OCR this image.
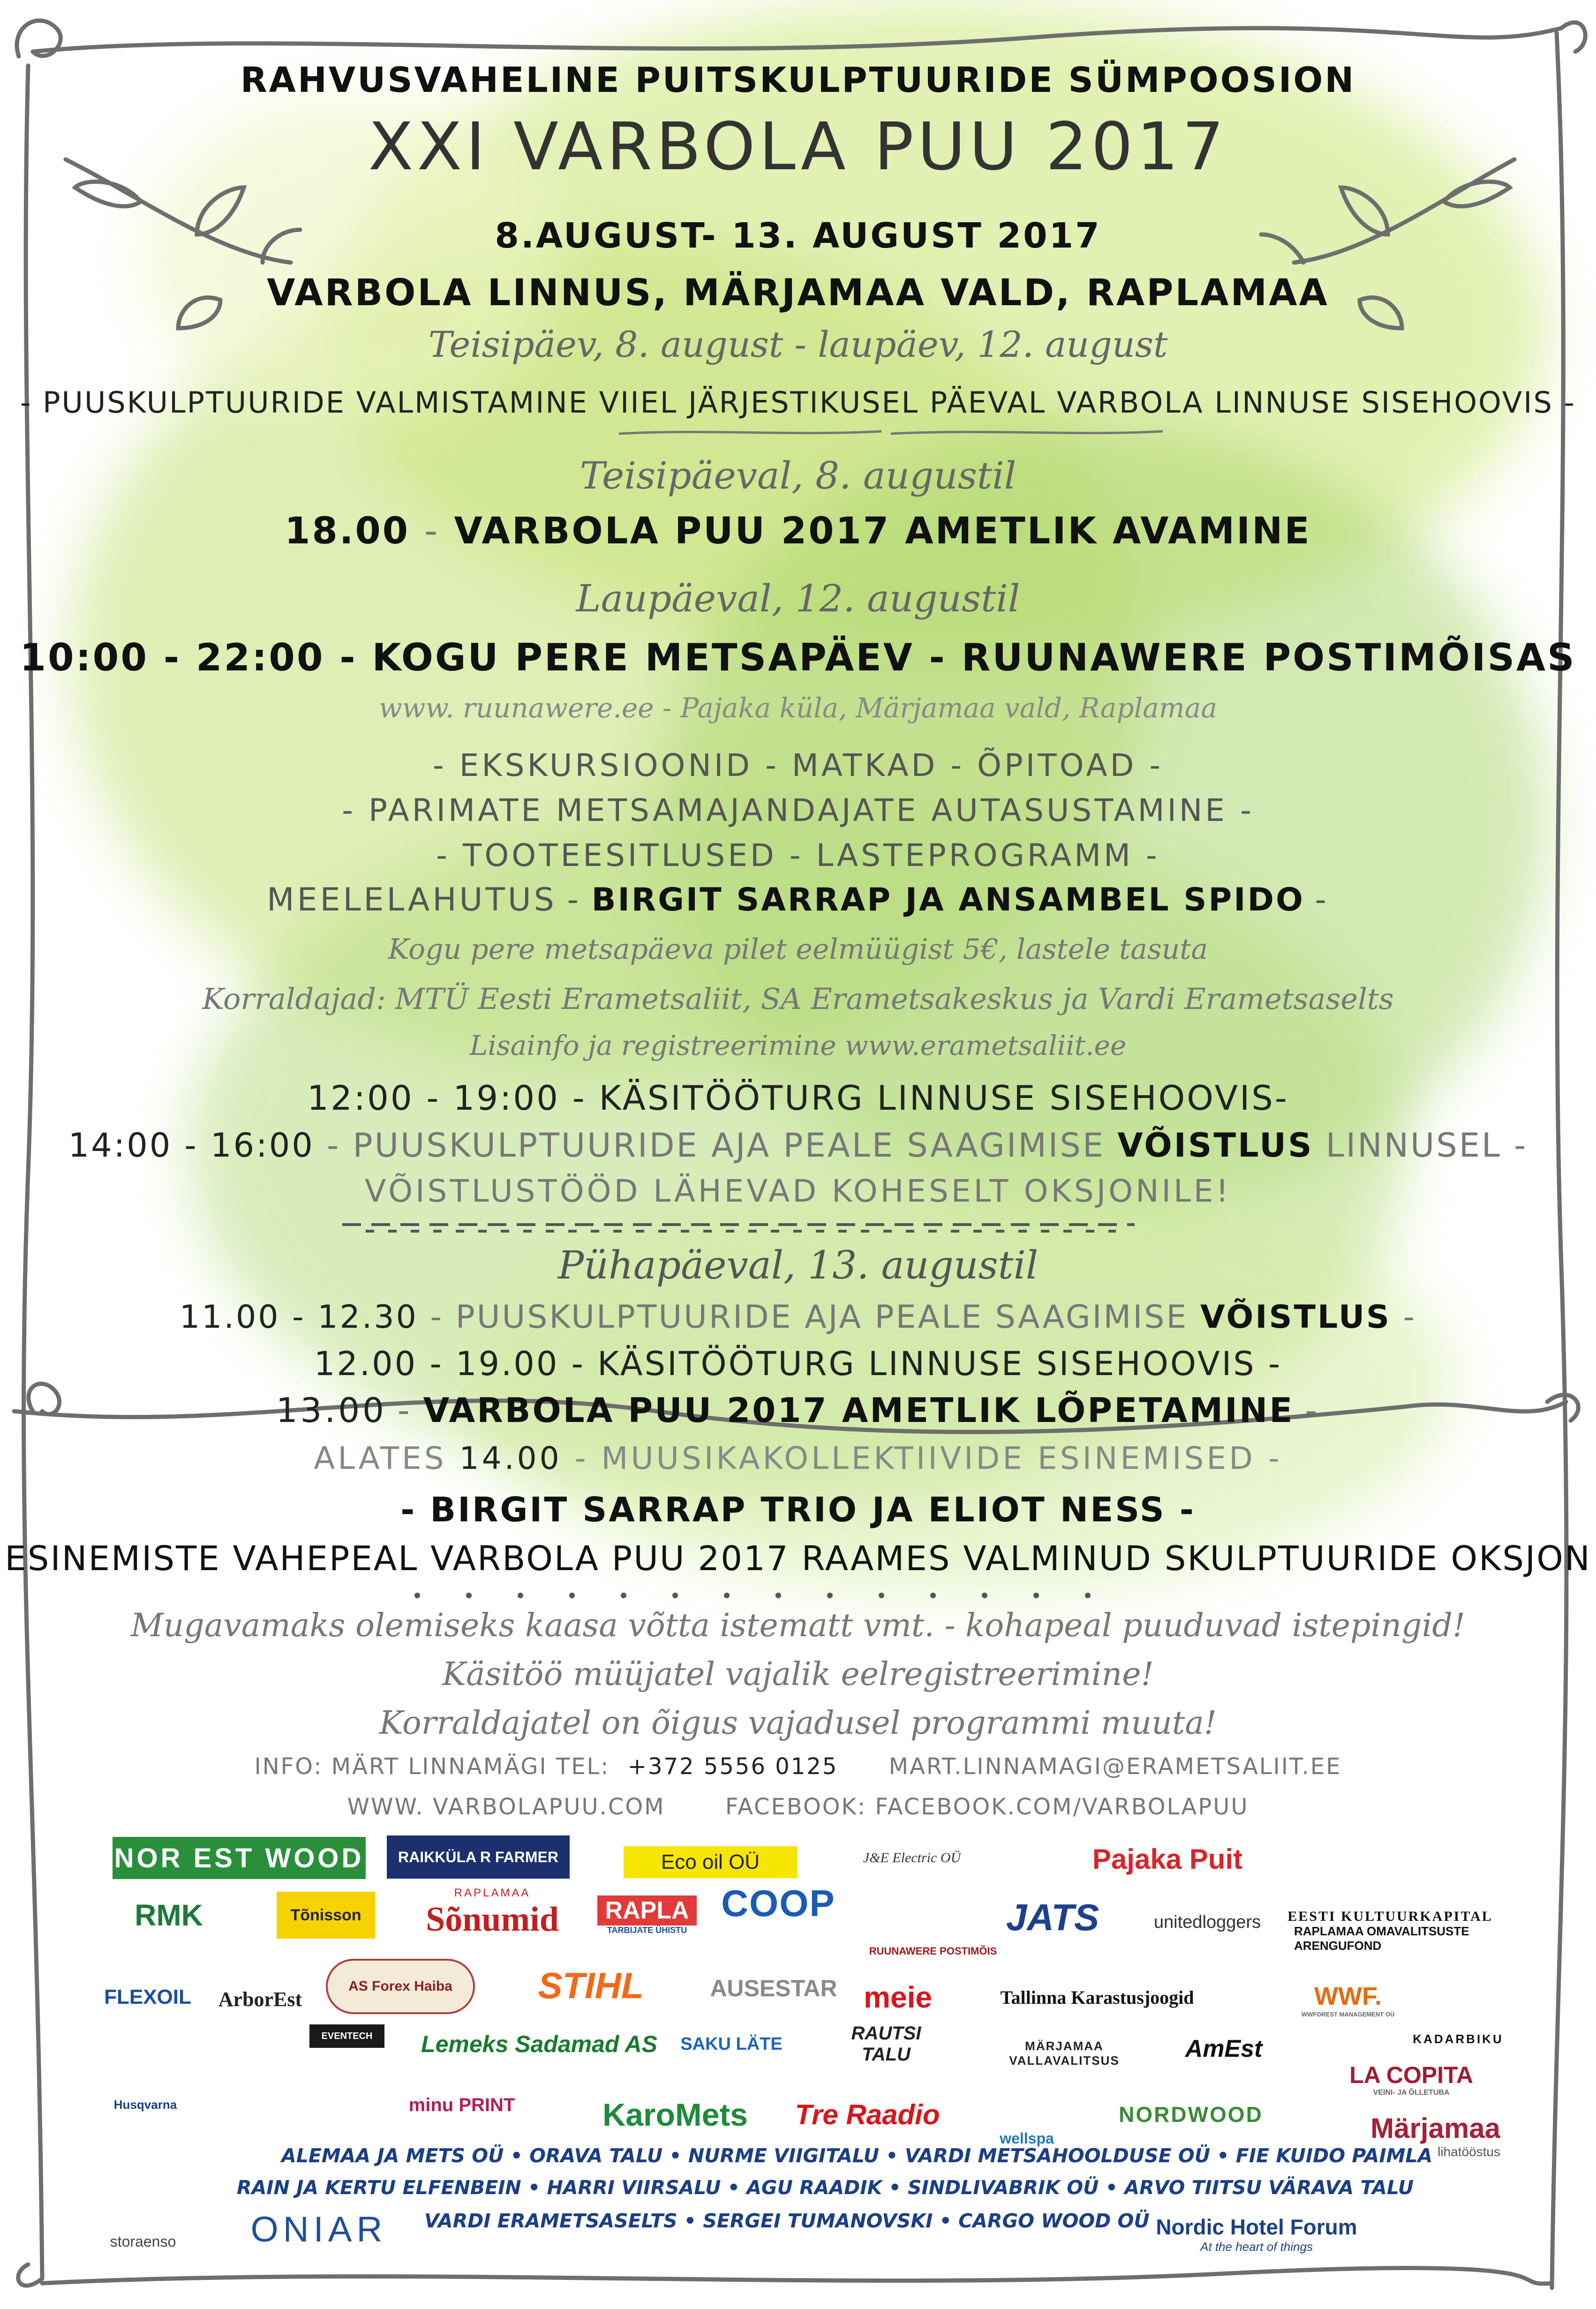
RAHVUSVAHELINE PUITSKULPTUURIDE SÜMPOOSION
XXI VARBOLA PUU 2017
8.AUGUST- 13. AUGUST 2017
VARBOLA LINNUS, MÄRJAMAA VALD, RAPLAMAA
Teisipäev, 8. august - laupäev, 12. august
- PUUSKULPTUURIDE VALMISTAMINE VIIEL JÄRJESTIKUSEL PÄEVAL VARBOLA LINNUSE SISEHOOVIS -
Teisipäeval, 8. augustil
18.00 - VARBOLA PUU 2017 AMETLIK AVAMINE
Laupäeval, 12. augustil
10:00 - 22:00 - KOGU PERE METSAPÄEV - RUUNAWERE POSTIMÕISAS
www. ruunawere.ee - Pajaka küla, Märjamaa vald, Raplamaa
- EKSKURSIOONID - MATKAD - ÕPITOAD -
- PARIMATE METSAMAJANDAJATE AUTASUSTAMINE -
- TOOTEESITLUSED - LASTEPROGRAMM -
MEELELAHUTUS - BIRGIT SARRAP JA ANSAMBEL SPIDO -
Kogu pere metsapäeva pilet eelmüügist 5€, lastele tasuta
Korraldajad: MTÜ Eesti Erametsaliit, SA Erametsakeskus ja Vardi Erametsaselts
Lisainfo ja registreerimine www.erametsaliit.ee
12:00 - 19:00 - KÄSITÖÖTURG LINNUSE SISEHOOVIS-
14:00 - 16:00 - PUUSKULPTUURIDE AJA PEALE SAAGIMISE VÕISTLUS LINNUSEL -
VÕISTLUSTÖÖD LÄHEVAD KOHESELT OKSJONILE!
Pühapäeval, 13. augustil
11.00 - 12.30 - PUUSKULPTUURIDE AJA PEALE SAAGIMISE VÕISTLUS -
12.00 - 19.00 - KÄSITÖÖTURG LINNUSE SISEHOOVIS -
13.00 - VARBOLA PUU 2017 AMETLIK LÕPETAMINE -
ALATES 14.00 - MUUSIKAKOLLEKTIIVIDE ESINEMISED -
- BIRGIT SARRAP TRIO JA ELIOT NESS -
ESINEMISTE VAHEPEAL VARBOLA PUU 2017 RAAMES VALMINUD SKULPTUURIDE OKSJON
Mugavamaks olemiseks kaasa võtta istematt vmt. - kohapeal puuduvad istepingid!
Käsitöö müüjatel vajalik eelregistreerimine!
Korraldajatel on õigus vajadusel programmi muuta!
INFO: MÄRT LINNAMÄGI TEL: +372 5556 0125 MART.LINNAMAGI@ERAMETSALIIT.EE
WWW. VARBOLAPUU.COM	FACEBOOK: FACEBOOK.COM/VARBOLAPUU
NOR EST WOOD	RAIKKÜLA R FARMER	Eco oil OÜ	J&E Electric OÜ	Pajaka Puit
EESTI KULTUURKAPITAL
RMK	Tõnisson
RAPLAMAA
Sõnumid	RAPLA
TARBIJATE ÜHISTU
COOP
RUUNAWERE POSTIMÕIS
JATS	unitedloggers	RAPLAMAA OMAVALITSUSTE ARENGUFOND
FLEXOIL	ArborEst
AS Forex Haiba	STIHL	AUSESTAR meie	Tallinna Karastusjoogid	WWF.
WWFOREST MANAGEMENT OÜ
KADARBIKU
EVENTECH	Lemeks Sadamad AS	SAKU LÄTE
RAUTSI TALU	MÄRJAMAA VALLAVALITSUS	AmEst
LA COPITA
VEINI- JA ÕLLETUBA
Husqvarna	minu PRINT	KaroMets	Tre Raadio
wellspa
NORDWOOD	Märjamaa
lihatööstus
storaenso	ONIAR	Nordic Hotel Forum
At the heart of things
ALEMAA JA METS OÜ • ORAVA TALU • NURME VIIGITALU • VARDI METSAHOOLDUSE OÜ • FIE KUIDO PAIMLA
RAIN JA KERTU ELFENBEIN • HARRI VIIRSALU • AGU RAADIK • SINDLIVABRIK OÜ • ARVO TIITSU VÄRAVA TALU
VARDI ERAMETSASELTS • SERGEI TUMANOVSKI • CARGO WOOD OÜ
